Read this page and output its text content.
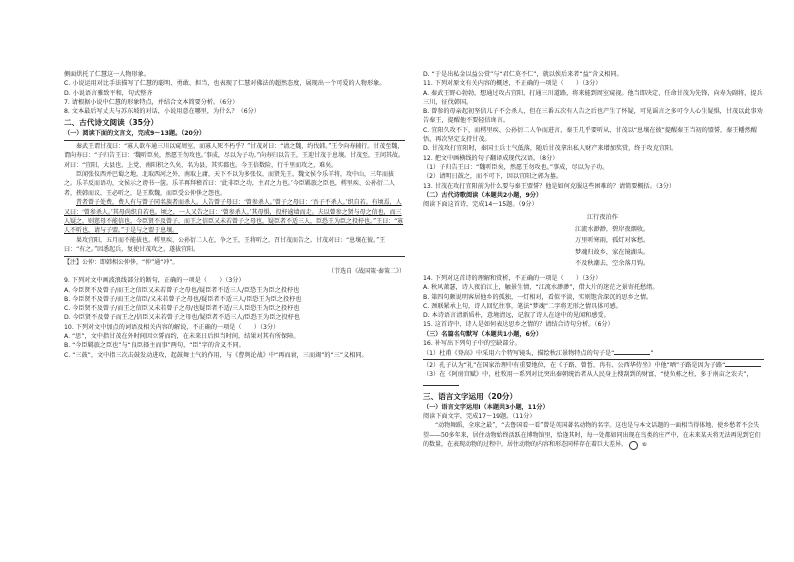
侧面烘托了仁慧这一人物形象。

C. 小说运用对比手法描写了仁慧的聪明、勇敢、担当，也表现了仁慧对佛法的超然态度，展现出一个可爱的人物形象。

D. 小说语言雅致平和，句式整齐

7. 请根据小说中仁慧的形象特点，并结合文本简要分析。（6分）

8. 文本最后写丈夫与苏东坡的对话，小说用意在哪里，为什么？（6分）

二、古代诗文阅读（35分）

（一）阅读下面的文言文，完成9～13题。（20分）

秦武王谓甘茂曰：“寡人欲车通三川以窥周室，而寡人死不朽乎？”甘茂对曰：“请之魏，约伐韩。”王令向寿辅行。甘茂至魏，谓向寿曰：“子归告王曰：‘魏听臣矣，然愿王勿攻也。’事成，尽以为子功。”向寿归以告王，王迎甘茂于息壤。甘茂至，王问其故。对曰：“宜阳，大县也，上党、南阳积之久矣，名为县，其实郡也。今王倍数险，行千里而攻之，难矣。

臣闻张仪西并巴蜀之地，北取西河之外，南取上庸，天下不以为多张仪，而贤先王。魏文侯令乐羊将，攻中山，三年而拔之。乐羊反而语功，文侯示之谤书一箧。乐羊再拜稽首曰：‘此非臣之功，主君之力也。’今臣羁旅之臣也，樗里疾、公孙衍二人者，挟韩而议，王必听之，是王欺魏，而臣受公仲侈之怨也。

昔者曾子处费，费人有与曾子同名族者而杀人。人告曾子母曰：‘曾参杀人。’曾子之母曰：‘吾子不杀人。’织自若。有顷焉，人又曰：‘曾参杀人。’其母尚织自若也。顷之，一人又告之曰：‘曾参杀人。’其母惧，投杼逾墙而走。夫以曾参之贤与母之信也，而三人疑之，则慈母不能信也。今臣贤不及曾子，而王之信臣又未若曾子之母也，疑臣者不适三人，臣恐王为臣之投杼也。”王曰：“寡人不听也，请与子盟。”于是与之盟于息壤。

果攻宜阳，五月而不能拔也。樗里疾、公孙衍二人在，争之王，王将听之，召甘茂而告之。甘茂对曰：“息壤在彼。”王曰：“有之。”因悉起兵，复使甘茂攻之，遂拔宜阳。

【注】公仲：即韩相公仲侈，“仲”通“冲”。

（节选自《战国策·秦策二》）

9. 下列对文中画波浪线部分的断句，正确的一项是（　　）（3分）

A. 今臣贤不及曾子/而王之信臣又未若曾子之母也/疑臣者不适三人/臣恐王为臣之投杼也

B. 今臣贤不及曾子/而王之信臣/又未若曾子之母也/疑臣者不适三人/臣恐王为臣之投杼也

C. 今臣贤不及曾子/而王之信臣又未若曾子之母/也疑臣者不适/三人臣恐王为臣之投杼也

D. 今臣贤不及曾子而王之/信臣又未若曾子之母也/疑臣者不适三人/臣恐王为臣之投杼也

10. 下列对文中加点的词语及相关内容的解说，不正确的一项是（　　）（3分）

A. “思”，文中指甘茂在外时间因立誓而约，在未来日后担当时间，结果对其有所保障。

B. “今臣羁旅之臣也”与“良臣择主而事”两句，“臣”字的含义不同。

C. “三鼓”，文中指三次击鼓发动进攻，起鼓舞士气的作用，与《曹刿论战》中“再而衰，三而竭”的“三”义相同。

D. “于是出私金以益公赏”与“君仁莫不仁”，就以俟后来者“益”含义相同。

11. 下列对原文有关内容的概述，不正确的一项是（　　）（3分）

A. 秦武王野心勃勃，想通过攻占宜阳，打通三川道路，将来能到周室窥视。他当即决定，任命甘茂为先锋，向寿为副将，提兵三川，征伐韩国。

B. 曾参的母亲起初坚信儿子不会杀人，但在三番五次有人告之后也产生了怀疑，可见谣言之多可令人心生疑惧，甘茂以此事劝告秦王，提醒他不要轻信谗言。

C. 宜阳久攻不下，而樗里疾、公孙衍二人争而进言，秦王几乎要听从，甘茂以“息壤在彼”提醒秦王当初的盟誓，秦王幡然醒悟，再次坚定支持甘茂。

D. 甘茂攻打宜阳时，秦国士兵士气低落，随后甘茂拿出私人财产来增加奖赏，终于攻克宜阳。

12. 把文中画横线的句子翻译成现代汉语。（8分）

（1）子归告王曰：“魏听臣矣，然愿王勿攻也。”事成，尽以为子功。

（2）请明日鼓之，而不可下，因以宜阳之郭为墓。

13. 甘茂在攻打宜阳前为什么要与秦王盟誓？他是如何克服这些困难的？请简要概括。（3分）

（二）古代诗歌阅读（本题共2小题，9分）

阅读下面这首诗，完成14～15题。（9分）

江行夜泊作
江流水渺渺，碧岸夜烟收。
万里听寒雨，孤灯对客愁。
梦魂归故乡，家在镜湖头。
不及秋潮去，空余落月钩。

14. 下列对这首诗的理解和赏析，不正确的一项是（　　）（3分）

A. 秋风萧瑟，诗人夜泊江上，触景生情，“江流水渺渺”，借大片的迷茫之景寄托愁绪。

B. 第四句颇说明客居他乡的孤独，一灯相对，看似平淡，实则饱含深沉的思乡之情。

C. 颈联紧承上句，诗人回忆往事，笔法“梦魂”二字将无形之情具体可感。

D. 本诗语言清新质朴，意境清远，记叙了诗人在途中的见闻和感受。

15. 这首诗中，诗人是如何表达思乡之情的？请结合诗句分析。（6分）

（三）名篇名句默写（本题共1小题，6分）

16. 补写出下列句子中的空缺部分。

（1）杜甫《登高》中采用六个特写镜头，描绘秋江景物特点的句子是“	”

（2）孔子认为“礼”在国家治理中有重要地位，在《子路、曾皙、冉有、公西华侍坐》中他“哂”子路是因为子路“

（3）在《阿房宫赋》中，杜牧用一系列对比突出秦朝统治者从人民身上搜刮到的财富，“使负栋之柱，多于南亩之农夫”，

三、语言文字运用（20分）

（一）语言文字运用Ⅰ（本题共3小题，11分）

阅读下面文字，完成17～19题。（11分）

“动物舞蹈，全球之最”，“去鲁国看一看”曾是英国著名动物的名字。这也是与本文话题的一面相当得体地、使乡愁者不会失望——50多年来，居住动物始终活跃在博物馆里，恰逢其时，每一处都如同出现在鸟类的庄严中，在未来某天将无法再见到它们的数量，在表现动物的过程中，居住动物的内容和形态同样存在着巨大差异。	⑥
